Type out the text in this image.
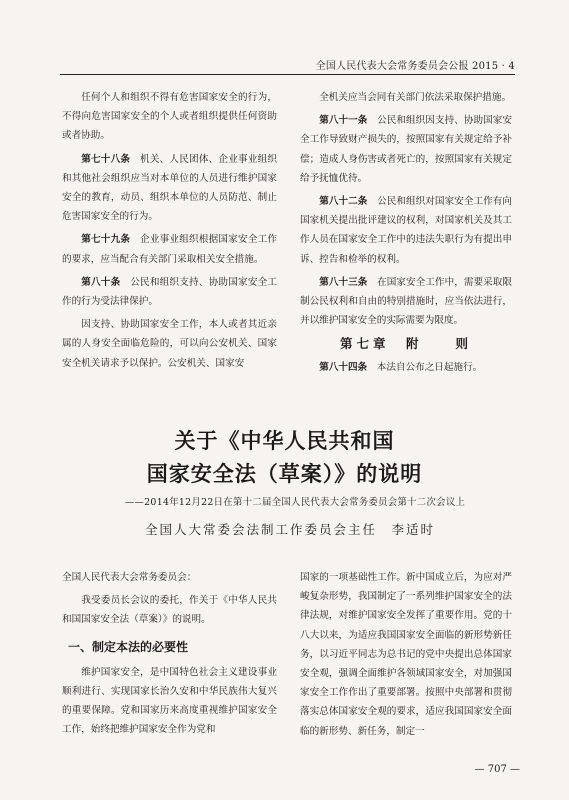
全国人民代表大会常务委员会公报 2015 · 4

任何个人和组织不得有危害国家安全的行为，不得向危害国家安全的个人或者组织提供任何资助或者协助。

第七十八条　 机关、人民团体、企业事业组织和其他社会组织应当对本单位的人员进行维护国家安全的教育，动员、组织本单位的人员防范、制止危害国家安全的行为。

第七十九条　 企业事业组织根据国家安全工作的要求，应当配合有关部门采取相关安全措施。

第八十条　 公民和组织支持、协助国家安全工作的行为受法律保护。

因支持、协助国家安全工作，本人或者其近亲属的人身安全面临危险的，可以向公安机关、国家安全机关请求予以保护。公安机关、国家安

全机关应当会同有关部门依法采取保护措施。

第八十一条　 公民和组织因支持、协助国家安全工作导致财产损失的，按照国家有关规定给予补偿；造成人身伤害或者死亡的，按照国家有关规定给予抚恤优待。

第八十二条　 公民和组织对国家安全工作有向国家机关提出批评建议的权利，对国家机关及其工作人员在国家安全工作中的违法失职行为有提出申诉、控告和检举的权利。

第八十三条　 在国家安全工作中，需要采取限制公民权利和自由的特别措施时，应当依法进行，并以维护国家安全的实际需要为限度。

第七章　附　　则

第八十四条　 本法自公布之日起施行。

关于《中华人民共和国
国家安全法（草案）》的说明
——2014年12月22日在第十二届全国人民代表大会常务委员会第十二次会议上
全国人大常委会法制工作委员会主任　李适时

全国人民代表大会常务委员会：

我受委员长会议的委托，作关于《中华人民共和国国家安全法（草案）》的说明。

一、制定本法的必要性

维护国家安全，是中国特色社会主义建设事业顺利进行、实现国家长治久安和中华民族伟大复兴的重要保障。党和国家历来高度重视维护国家安全工作，始终把维护国家安全作为党和

国家的一项基础性工作。新中国成立后，为应对严峻复杂形势，我国制定了一系列维护国家安全的法律法规，对维护国家安全发挥了重要作用。党的十八大以来，为适应我国国家安全面临的新形势新任务，以习近平同志为总书记的党中央提出总体国家安全观，强调全面维护各领域国家安全，对加强国家安全工作作出了重要部署。按照中央部署和贯彻落实总体国家安全观的要求，适应我国国家安全面临的新形势、新任务，制定一

— 707 —
